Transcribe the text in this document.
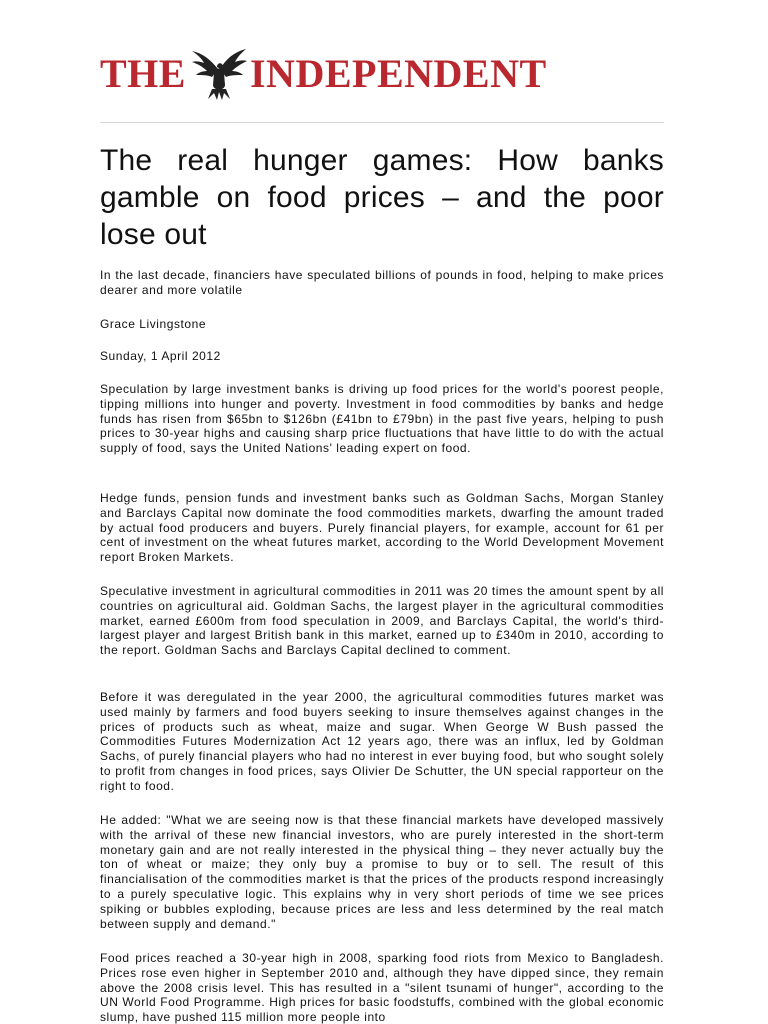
THE INDEPENDENT
The real hunger games: How banks gamble on food prices – and the poor lose out

In the last decade, financiers have speculated billions of pounds in food, helping to make prices dearer and more volatile

Grace Livingstone

Sunday, 1 April 2012

Speculation by large investment banks is driving up food prices for the world's poorest people, tipping millions into hunger and poverty. Investment in food commodities by banks and hedge funds has risen from $65bn to $126bn (£41bn to £79bn) in the past five years, helping to push prices to 30-year highs and causing sharp price fluctuations that have little to do with the actual supply of food, says the United Nations' leading expert on food.

Hedge funds, pension funds and investment banks such as Goldman Sachs, Morgan Stanley and Barclays Capital now dominate the food commodities markets, dwarfing the amount traded by actual food producers and buyers. Purely financial players, for example, account for 61 per cent of investment on the wheat futures market, according to the World Development Movement report Broken Markets.

Speculative investment in agricultural commodities in 2011 was 20 times the amount spent by all countries on agricultural aid. Goldman Sachs, the largest player in the agricultural commodities market, earned £600m from food speculation in 2009, and Barclays Capital, the world's third-largest player and largest British bank in this market, earned up to £340m in 2010, according to the report. Goldman Sachs and Barclays Capital declined to comment.

Before it was deregulated in the year 2000, the agricultural commodities futures market was used mainly by farmers and food buyers seeking to insure themselves against changes in the prices of products such as wheat, maize and sugar. When George W Bush passed the Commodities Futures Modernization Act 12 years ago, there was an influx, led by Goldman Sachs, of purely financial players who had no interest in ever buying food, but who sought solely to profit from changes in food prices, says Olivier De Schutter, the UN special rapporteur on the right to food.

He added: "What we are seeing now is that these financial markets have developed massively with the arrival of these new financial investors, who are purely interested in the short-term monetary gain and are not really interested in the physical thing – they never actually buy the ton of wheat or maize; they only buy a promise to buy or to sell. The result of this financialisation of the commodities market is that the prices of the products respond increasingly to a purely speculative logic. This explains why in very short periods of time we see prices spiking or bubbles exploding, because prices are less and less determined by the real match between supply and demand."

Food prices reached a 30-year high in 2008, sparking food riots from Mexico to Bangladesh. Prices rose even higher in September 2010 and, although they have dipped since, they remain above the 2008 crisis level. This has resulted in a "silent tsunami of hunger", according to the UN World Food Programme. High prices for basic foodstuffs, combined with the global economic slump, have pushed 115 million more people into
